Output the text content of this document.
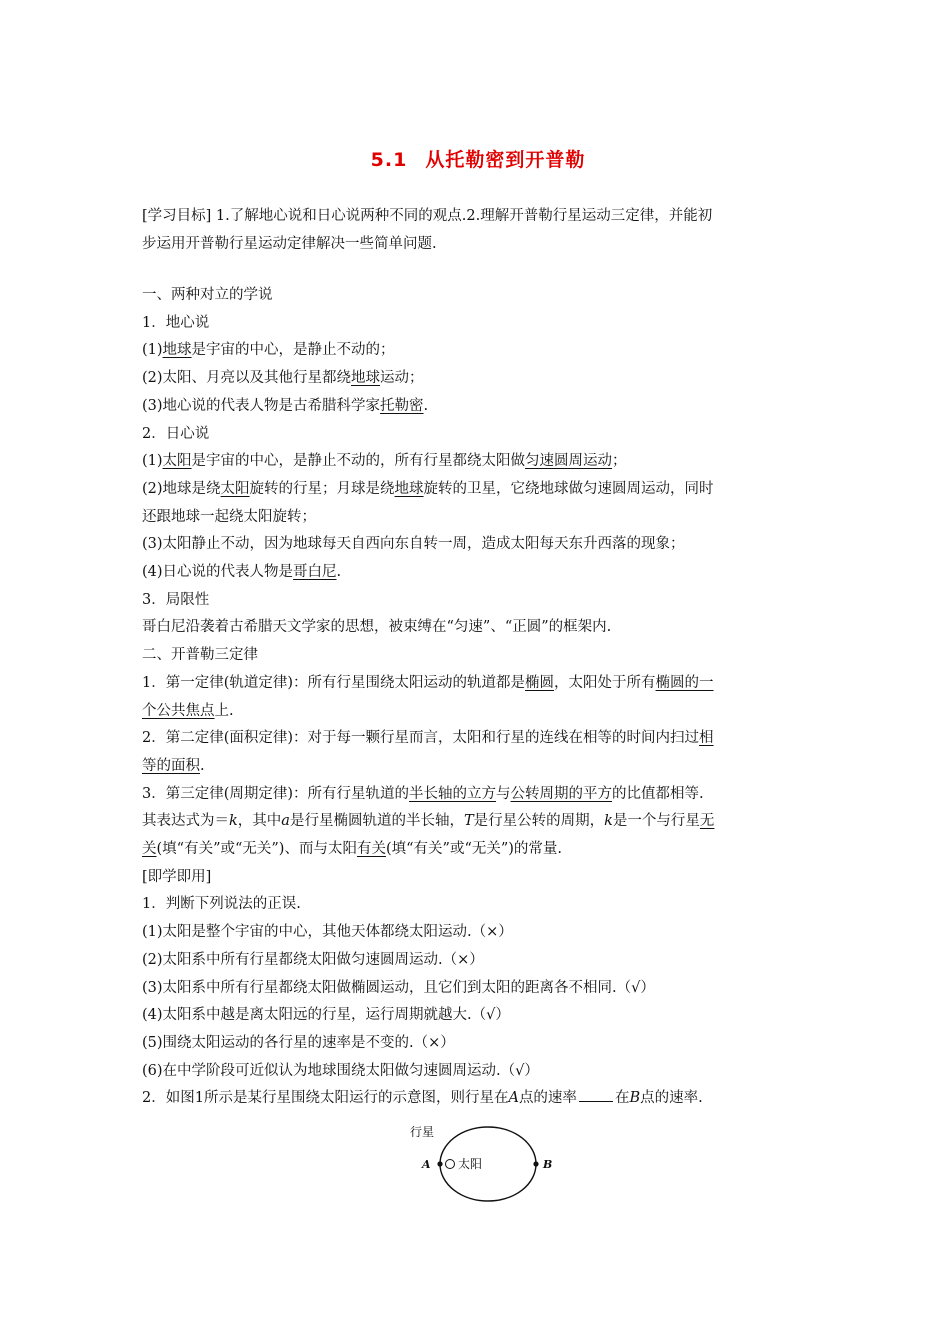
5.1 从托勒密到开普勒
[学习目标] 1.了解地心说和日心说两种不同的观点.2.理解开普勒行星运动三定律，并能初
步运用开普勒行星运动定律解决一些简单问题.
一、两种对立的学说
1．地心说
(1)地球是宇宙的中心，是静止不动的；
(2)太阳、月亮以及其他行星都绕地球运动；
(3)地心说的代表人物是古希腊科学家托勒密.
2．日心说
(1)太阳是宇宙的中心，是静止不动的，所有行星都绕太阳做匀速圆周运动；
(2)地球是绕太阳旋转的行星；月球是绕地球旋转的卫星，它绕地球做匀速圆周运动，同时
还跟地球一起绕太阳旋转；
(3)太阳静止不动，因为地球每天自西向东自转一周，造成太阳每天东升西落的现象；
(4)日心说的代表人物是哥白尼.
3．局限性
哥白尼沿袭着古希腊天文学家的思想，被束缚在“匀速”、“正圆”的框架内.
二、开普勒三定律
1．第一定律(轨道定律)：所有行星围绕太阳运动的轨道都是椭圆，太阳处于所有椭圆的一
个公共焦点上.
2．第二定律(面积定律)：对于每一颗行星而言，太阳和行星的连线在相等的时间内扫过相
等的面积.
3．第三定律(周期定律)：所有行星轨道的半长轴的立方与公转周期的平方的比值都相等.
其表达式为＝k，其中a是行星椭圆轨道的半长轴，T是行星公转的周期，k是一个与行星无
关(填“有关”或“无关”)、而与太阳有关(填“有关”或“无关”)的常量.
[即学即用]
1．判断下列说法的正误.
(1)太阳是整个宇宙的中心，其他天体都绕太阳运动.（×）
(2)太阳系中所有行星都绕太阳做匀速圆周运动.（×）
(3)太阳系中所有行星都绕太阳做椭圆运动，且它们到太阳的距离各不相同.（√）
(4)太阳系中越是离太阳远的行星，运行周期就越大.（√）
(5)围绕太阳运动的各行星的速率是不变的.（×）
(6)在中学阶段可近似认为地球围绕太阳做匀速圆周运动.（√）
2．如图1所示是某行星围绕太阳运行的示意图，则行星在A点的速率	在B点的速率.
行星
太阳
A	B
